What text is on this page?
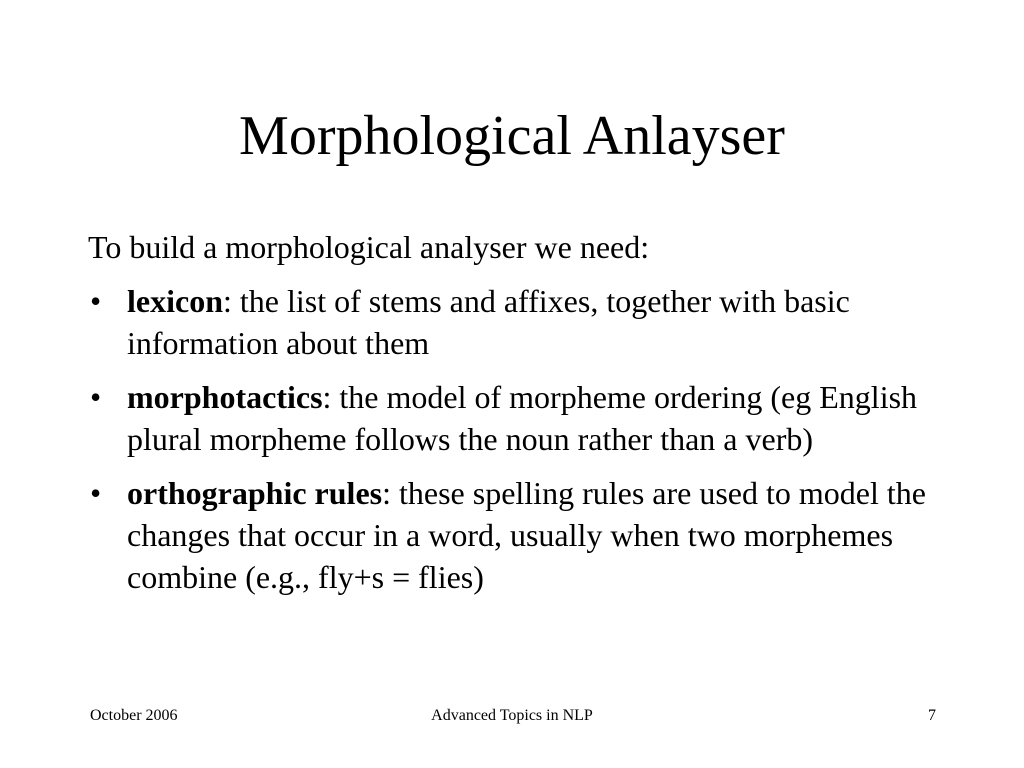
Morphological Anlayser

To build a morphological analyser we need:

• lexicon: the list of stems and affixes, together with basic information about them
• morphotactics: the model of morpheme ordering (eg English plural morpheme follows the noun rather than a verb)
• orthographic rules: these spelling rules are used to model the changes that occur in a word, usually when two morphemes combine (e.g., fly+s = flies)
October 2006	Advanced Topics in NLP	7
